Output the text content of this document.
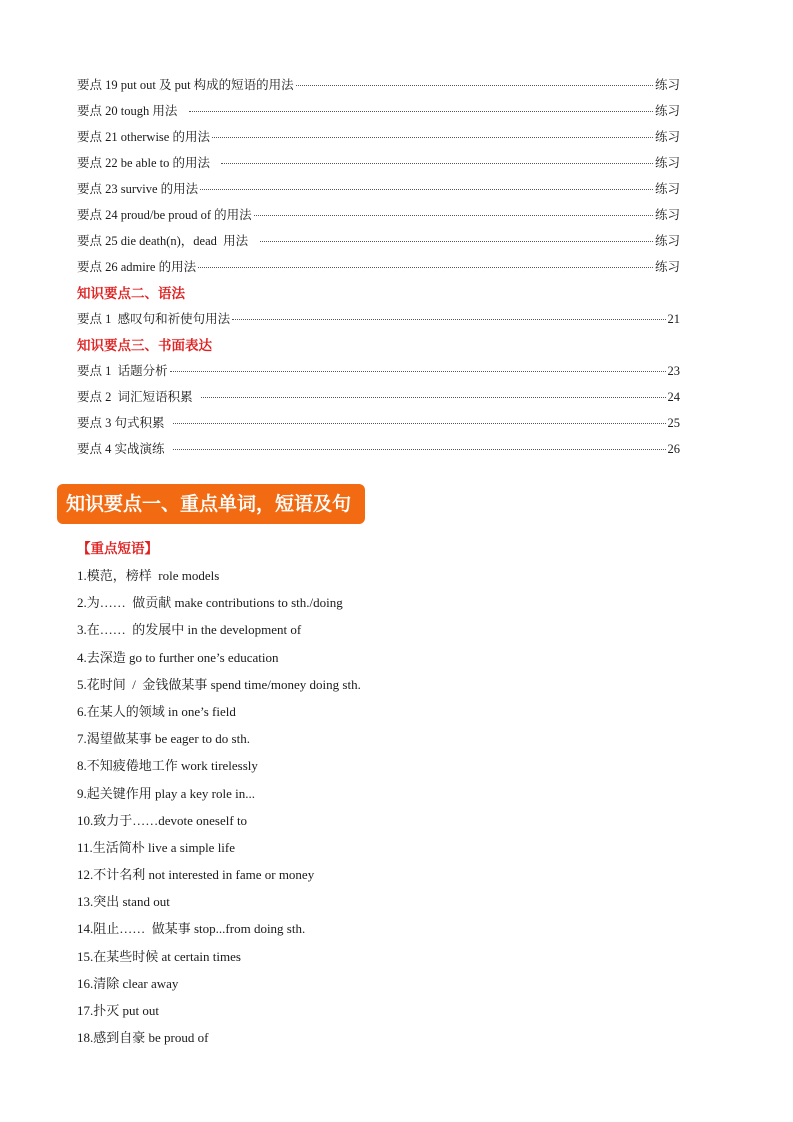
要点 19 put out 及 put 构成的短语的用法	练习
要点 20 tough 用法	练习
要点 21 otherwise 的用法	练习
要点 22 be able to 的用法	练习
要点 23 survive 的用法	练习
要点 24 proud/be proud of 的用法	练习
要点 25 die death(n)，dead  用法	练习
要点 26 admire 的用法	练习
知识要点二、语法
要点 1  感叹句和祈使句用法	21
知识要点三、书面表达
要点 1  话题分析	23
要点 2  词汇短语积累	24
要点 3 句式积累	25
要点 4 实战演练	26
知识要点一、重点单词，短语及句
【重点短语】
1.模范，榜样  role models
2.为……  做贡献 make contributions to sth./doing
3.在……  的发展中 in the development of
4.去深造 go to further one’s education
5.花时间  /  金钱做某事 spend time/money doing sth.
6.在某人的领域 in one’s field
7.渴望做某事 be eager to do sth.
8.不知疲倦地工作 work tirelessly
9.起关键作用 play a key role in...
10.致力于……devote oneself to
11.生活简朴 live a simple life
12.不计名利 not interested in fame or money
13.突出 stand out
14.阻止……  做某事 stop...from doing sth.
15.在某些时候 at certain times
16.清除 clear away
17.扑灭 put out
18.感到自豪 be proud of
